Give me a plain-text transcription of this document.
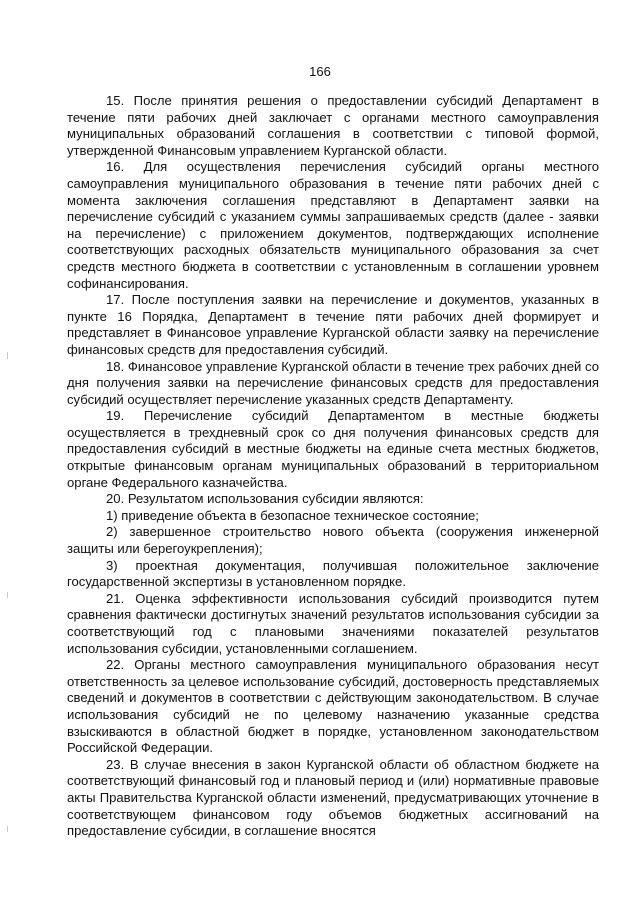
166

15. После принятия решения о предоставлении субсидий Департамент в течение пяти рабочих дней заключает с органами местного самоуправления муниципальных образований соглашения в соответствии с типовой формой, утвержденной Финансовым управлением Курганской области.

16. Для осуществления перечисления субсидий органы местного самоуправления муниципального образования в течение пяти рабочих дней с момента заключения соглашения представляют в Департамент заявки на перечисление субсидий с указанием суммы запрашиваемых средств (далее - заявки на перечисление) с приложением документов, подтверждающих исполнение соответствующих расходных обязательств муниципального образования за счет средств местного бюджета в соответствии с установленным в соглашении уровнем софинансирования.

17. После поступления заявки на перечисление и документов, указанных в пункте 16 Порядка, Департамент в течение пяти рабочих дней формирует и представляет в Финансовое управление Курганской области заявку на перечисление финансовых средств для предоставления субсидий.

18. Финансовое управление Курганской области в течение трех рабочих дней со дня получения заявки на перечисление финансовых средств для предоставления субсидий осуществляет перечисление указанных средств Департаменту.

19. Перечисление субсидий Департаментом в местные бюджеты осуществляется в трехдневный срок со дня получения финансовых средств для предоставления субсидий в местные бюджеты на единые счета местных бюджетов, открытые финансовым органам муниципальных образований в территориальном органе Федерального казначейства.

20. Результатом использования субсидии являются:

1) приведение объекта в безопасное техническое состояние;

2) завершенное строительство нового объекта (сооружения инженерной защиты или берегоукрепления);

3) проектная документация, получившая положительное заключение государственной экспертизы в установленном порядке.

21. Оценка эффективности использования субсидий производится путем сравнения фактически достигнутых значений результатов использования субсидии за соответствующий год с плановыми значениями показателей результатов использования субсидии, установленными соглашением.

22. Органы местного самоуправления муниципального образования несут ответственность за целевое использование субсидий, достоверность представляемых сведений и документов в соответствии с действующим законодательством. В случае использования субсидий не по целевому назначению указанные средства взыскиваются в областной бюджет в порядке, установленном законодательством Российской Федерации.

23. В случае внесения в закон Курганской области об областном бюджете на соответствующий финансовый год и плановый период и (или) нормативные правовые акты Правительства Курганской области изменений, предусматривающих уточнение в соответствующем финансовом году объемов бюджетных ассигнований на предоставление субсидии, в соглашение вносятся
